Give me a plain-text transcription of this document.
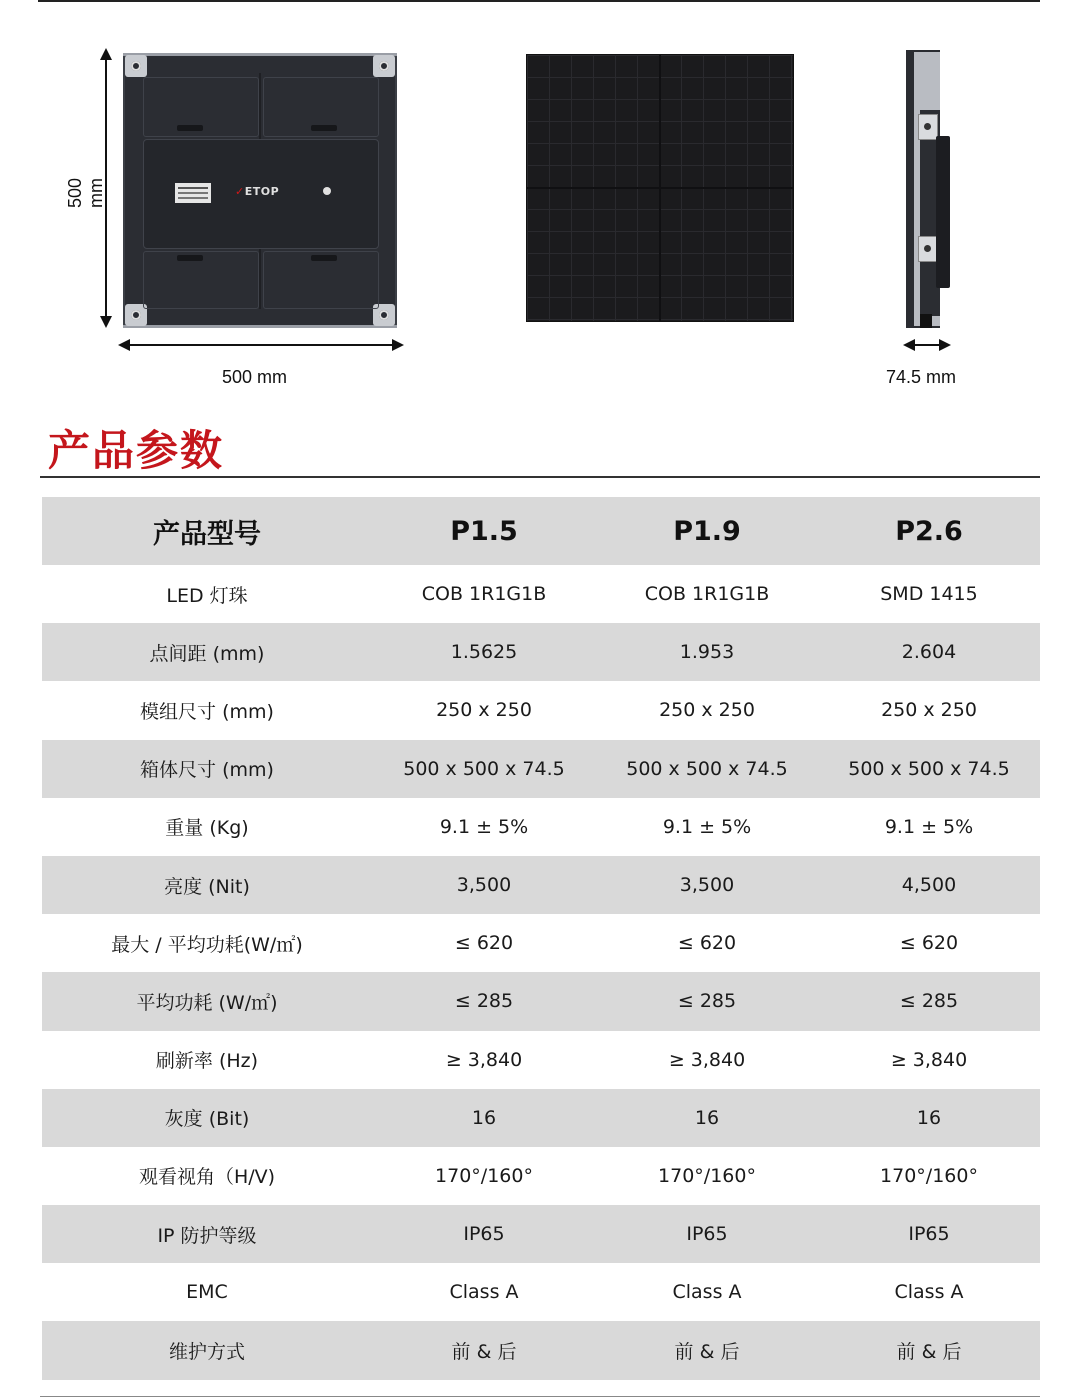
✓ETOP
500 mm
500 mm	74.5 mm
产品参数
产品型号	P1.5	P1.9	P2.6
LED 灯珠	COB 1R1G1B	COB 1R1G1B	SMD 1415
点间距 (mm)	1.5625	1.953	2.604
模组尺寸 (mm)	250 x 250	250 x 250	250 x 250
箱体尺寸 (mm)	500 x 500 x 74.5	500 x 500 x 74.5	500 x 500 x 74.5
重量 (Kg)	9.1 ± 5%	9.1 ± 5%	9.1 ± 5%
亮度 (Nit)	3,500	3,500	4,500
最大 / 平均功耗(W/㎡)	≤ 620	≤ 620	≤ 620
平均功耗 (W/㎡)	≤ 285	≤ 285	≤ 285
刷新率 (Hz)	≥ 3,840	≥ 3,840	≥ 3,840
灰度 (Bit)	16	16	16
观看视角（H/V)	170°/160°	170°/160°	170°/160°
IP 防护等级	IP65	IP65	IP65
EMC	Class A	Class A	Class A
维护方式	前 & 后	前 & 后	前 & 后
